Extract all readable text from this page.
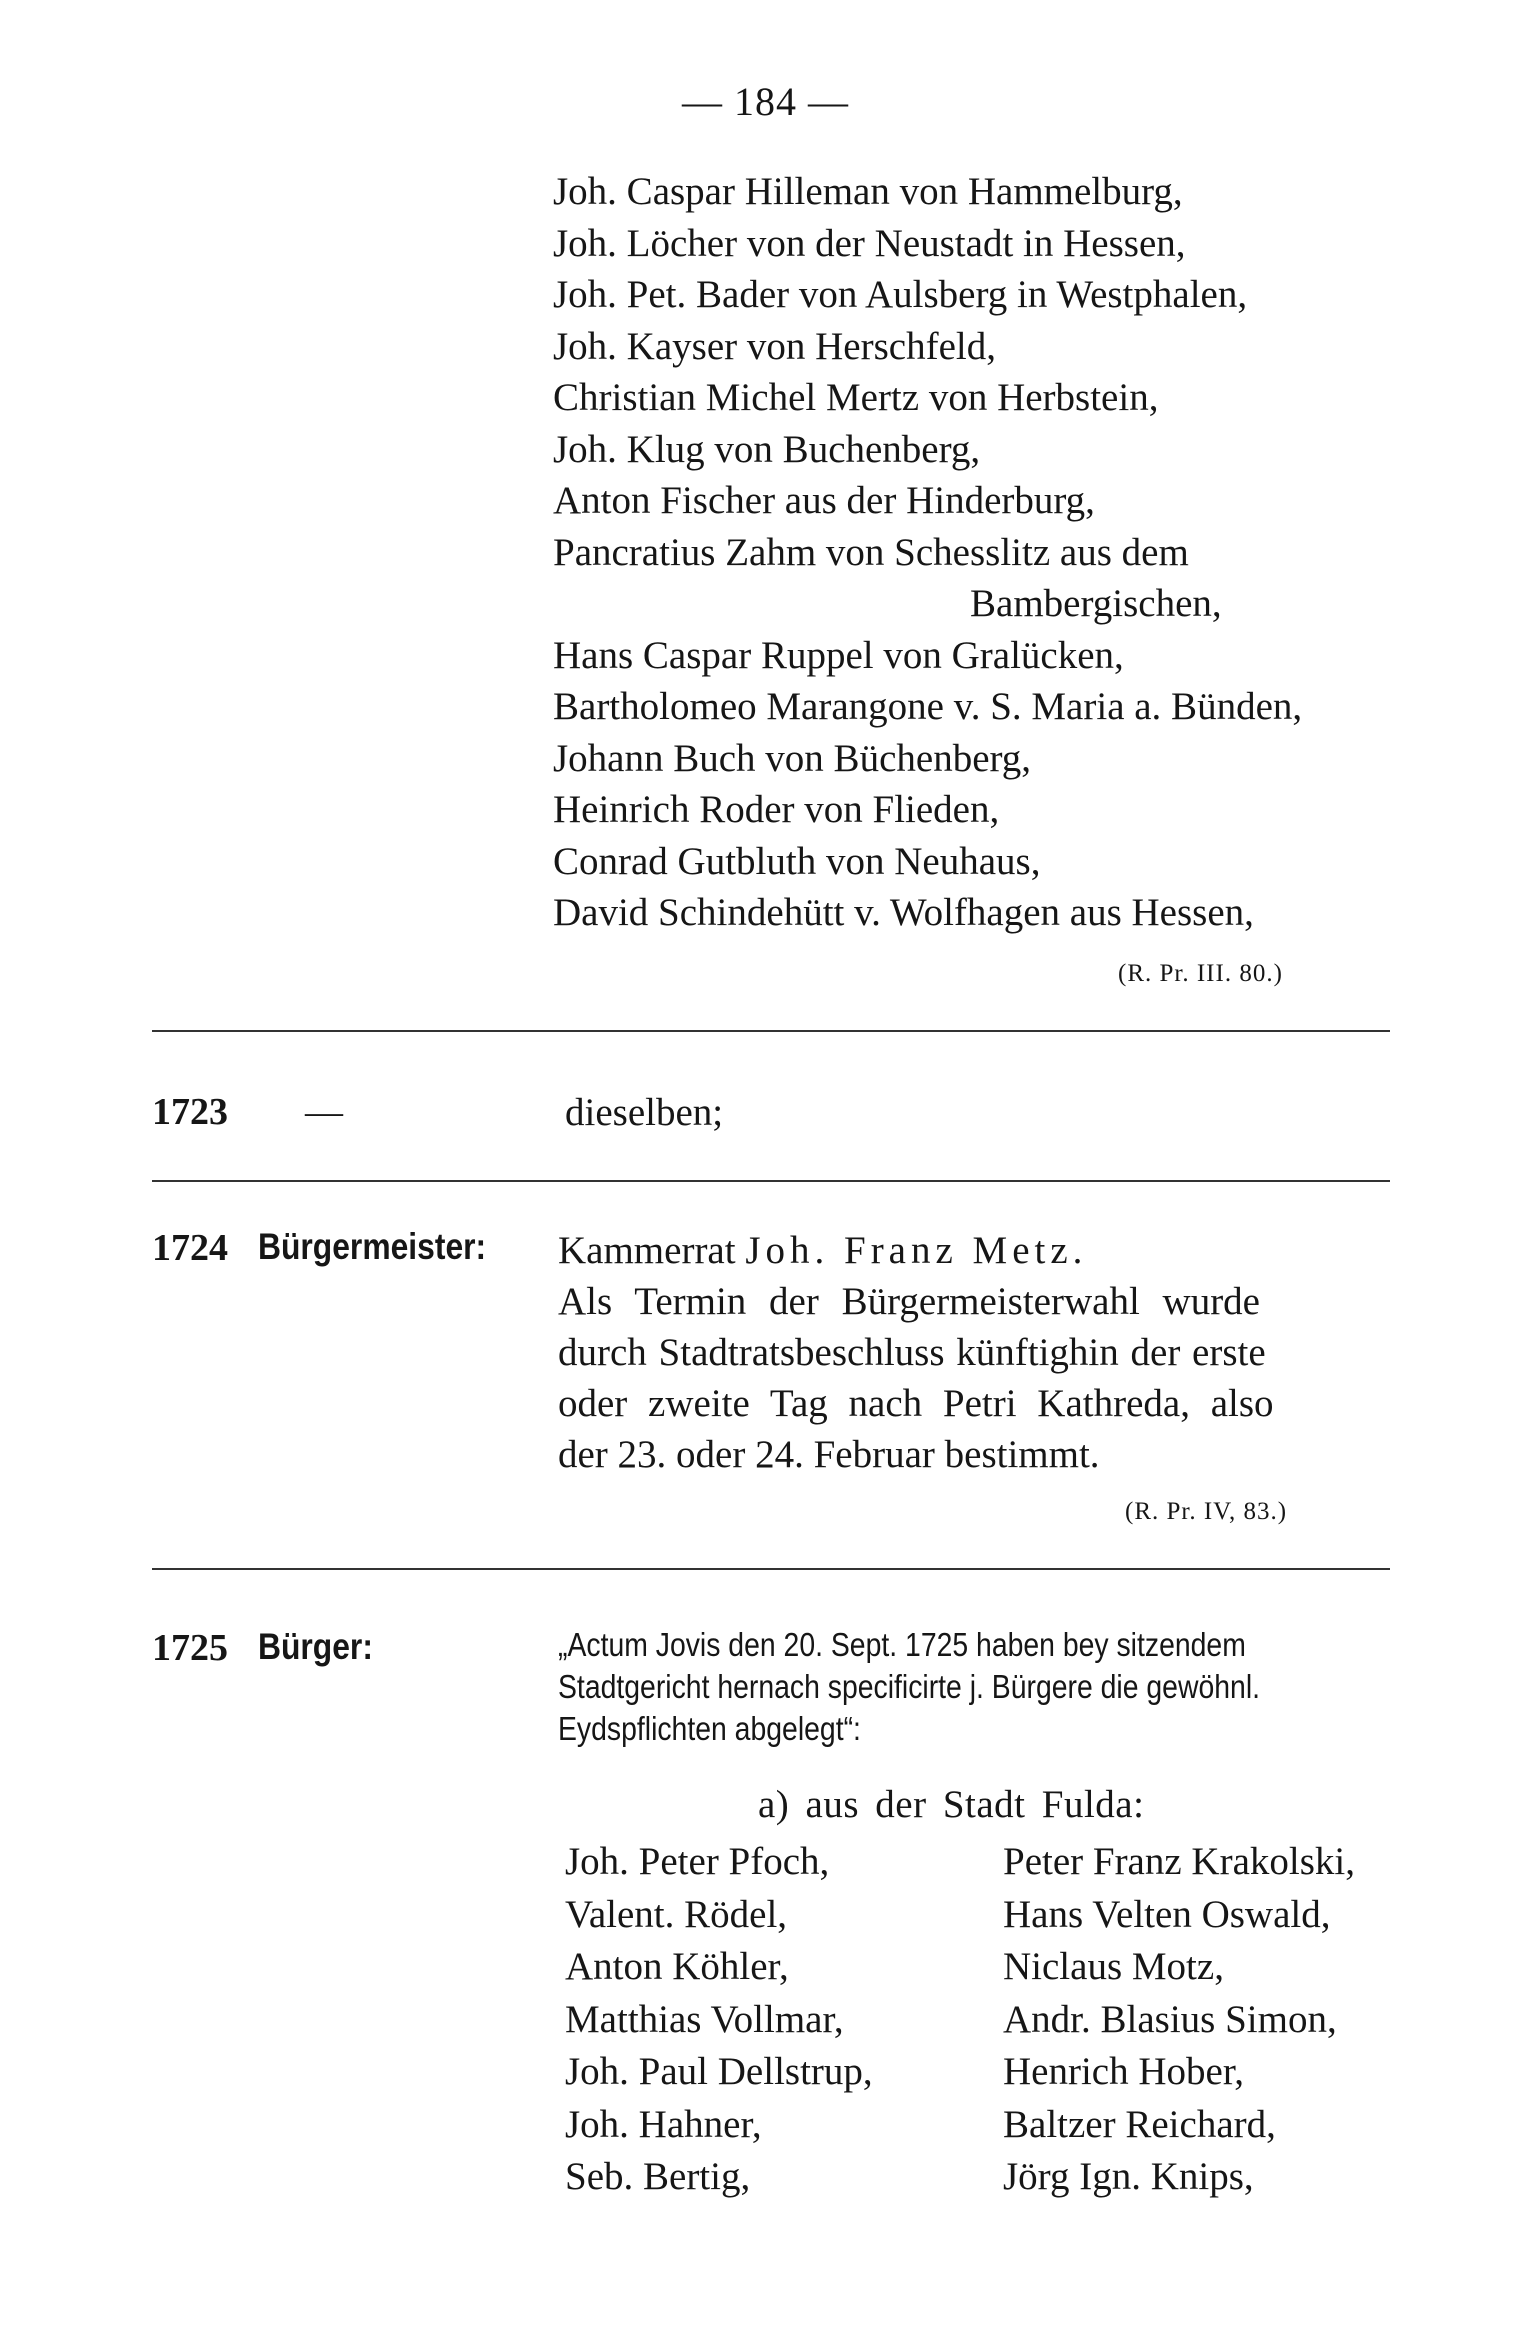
— 184 —
Joh. Caspar Hilleman von Hammelburg,
Joh. Löcher von der Neustadt in Hessen,
Joh. Pet. Bader von Aulsberg in Westphalen,
Joh. Kayser von Herschfeld,
Christian Michel Mertz von Herbstein,
Joh. Klug von Buchenberg,
Anton Fischer aus der Hinderburg,
Pancratius Zahm von Schesslitz aus dem
Bambergischen,
Hans Caspar Ruppel von Gralücken,
Bartholomeo Marangone v. S. Maria a. Bünden,
Johann Buch von Büchenberg,
Heinrich Roder von Flieden,
Conrad Gutbluth von Neuhaus,
David Schindehütt v. Wolfhagen aus Hessen,
(R. Pr. III. 80.)
1723 —	dieselben;
1724 Bürgermeister: Kammerrat Joh. Franz Metz.
Als Termin der Bürgermeisterwahl wurde
durch Stadtratsbeschluss künftighin der erste
oder zweite Tag nach Petri Kathreda, also
der 23. oder 24. Februar bestimmt.
(R. Pr. IV, 83.)
1725 Bürger:	„Actum Jovis den 20. Sept. 1725 haben bey sitzendem
Stadtgericht hernach specificirte j. Bürgere die gewöhnl.
Eydspflichten abgelegt“:
a) aus der Stadt Fulda:
Joh. Peter Pfoch,
Valent. Rödel,
Anton Köhler,
Matthias Vollmar,
Joh. Paul Dellstrup,
Joh. Hahner,
Seb. Bertig,
Peter Franz Krakolski,
Hans Velten Oswald,
Niclaus Motz,
Andr. Blasius Simon,
Henrich Hober,
Baltzer Reichard,
Jörg Ign. Knips,
